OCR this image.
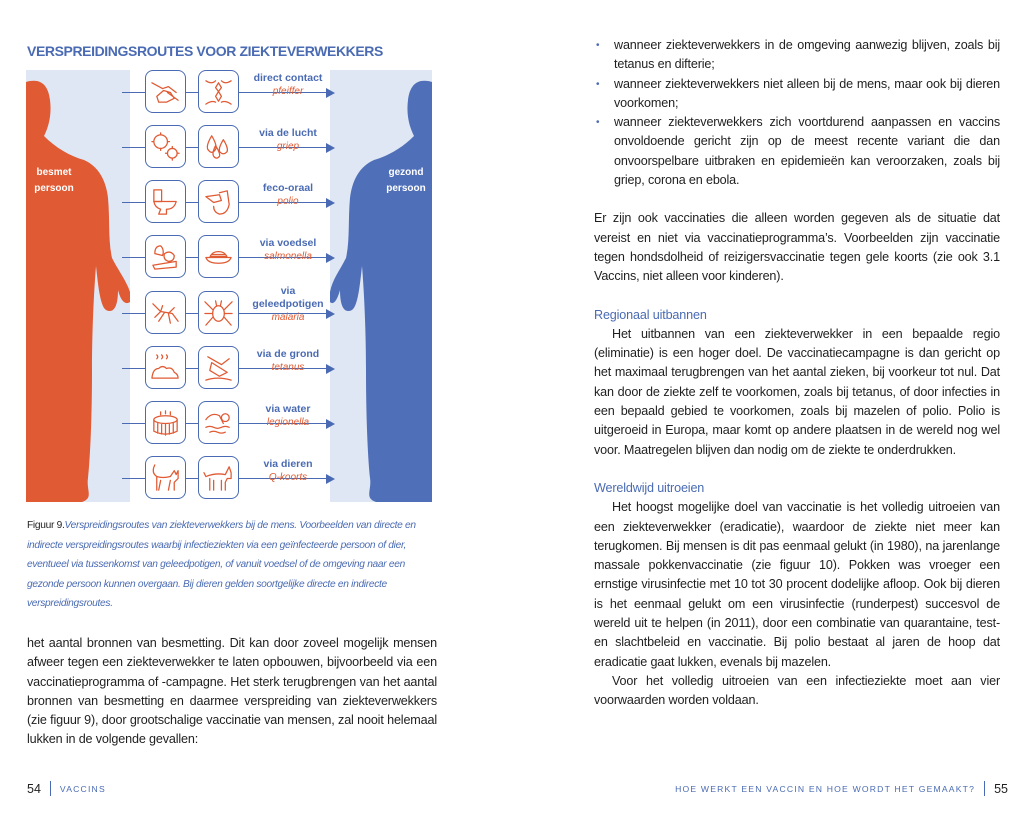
VERSPREIDINGSROUTES VOOR ZIEKTEVERWEKKERS
besmet
persoon
gezond
persoon
direct contact
pfeiffer
via de lucht
griep
feco-oraal
polio
via voedsel
salmonella
via
geleedpotigen
malaria
via de grond
tetanus
via water
legionella
via dieren
Q-koorts
Figuur 9.Verspreidingsroutes van ziekteverwekkers bij de mens. Voorbeelden van directe en indirecte verspreidingsroutes waarbij infectieziekten via een geïnfecteerde persoon of dier, eventueel via tussenkomst van geleedpotigen, of vanuit voedsel of de omgeving naar een gezonde persoon kunnen overgaan. Bij dieren gelden soortgelijke directe en indirecte verspreidingsroutes.

het aantal bronnen van besmetting. Dit kan door zoveel mogelijk mensen afweer tegen een ziekteverwekker te laten opbouwen, bijvoorbeeld via een vaccinatieprogramma of -campagne. Het sterk terugbrengen van het aantal bronnen van besmetting en daarmee verspreiding van ziekteverwekkers (zie figuur 9), door grootschalige vaccinatie van mensen, zal nooit helemaal lukken in de volgende gevallen:

54 VACCINS
• wanneer ziekteverwekkers in de omgeving aanwezig blijven, zoals bij tetanus en difterie;
• wanneer ziekteverwekkers niet alleen bij de mens, maar ook bij dieren voorkomen;
• wanneer ziekteverwekkers zich voortdurend aanpassen en vaccins onvoldoende gericht zijn op de meest recente variant die dan onvoorspelbare uitbraken en epidemieën kan veroorzaken, zoals bij griep, corona en ebola.

Er zijn ook vaccinaties die alleen worden gegeven als de situatie dat vereist en niet via vaccinatieprogramma’s. Voorbeelden zijn vaccinatie tegen hondsdolheid of reizigersvaccinatie tegen gele koorts (zie ook 3.1 Vaccins, niet alleen voor kinderen).

Regionaal uitbannen

Het uitbannen van een ziekteverwekker in een bepaalde regio (eliminatie) is een hoger doel. De vaccinatiecampagne is dan gericht op het maximaal terugbrengen van het aantal zieken, bij voorkeur tot nul. Dat kan door de ziekte zelf te voorkomen, zoals bij tetanus, of door infecties in een bepaald gebied te voorkomen, zoals bij mazelen of polio. Polio is uitgeroeid in Europa, maar komt op andere plaatsen in de wereld nog wel voor. Maatregelen blijven dan nodig om de ziekte te onderdrukken.

Wereldwijd uitroeien

Het hoogst mogelijke doel van vaccinatie is het volledig uitroeien van een ziekteverwekker (eradicatie), waardoor de ziekte niet meer kan terugkomen. Bij mensen is dit pas eenmaal gelukt (in 1980), na jarenlange massale pokkenvaccinatie (zie figuur 10). Pokken was vroeger een ernstige virusinfectie met 10 tot 30 procent dodelijke afloop. Ook bij dieren is het eenmaal gelukt om een virusinfectie (runderpest) succesvol de wereld uit te helpen (in 2011), door een combinatie van quarantaine, test- en slachtbeleid en vaccinatie. Bij polio bestaat al jaren de hoop dat eradicatie gaat lukken, evenals bij mazelen.

Voor het volledig uitroeien van een infectieziekte moet aan vier voorwaarden worden voldaan.

HOE WERKT EEN VACCIN EN HOE WORDT HET GEMAAKT? 55
